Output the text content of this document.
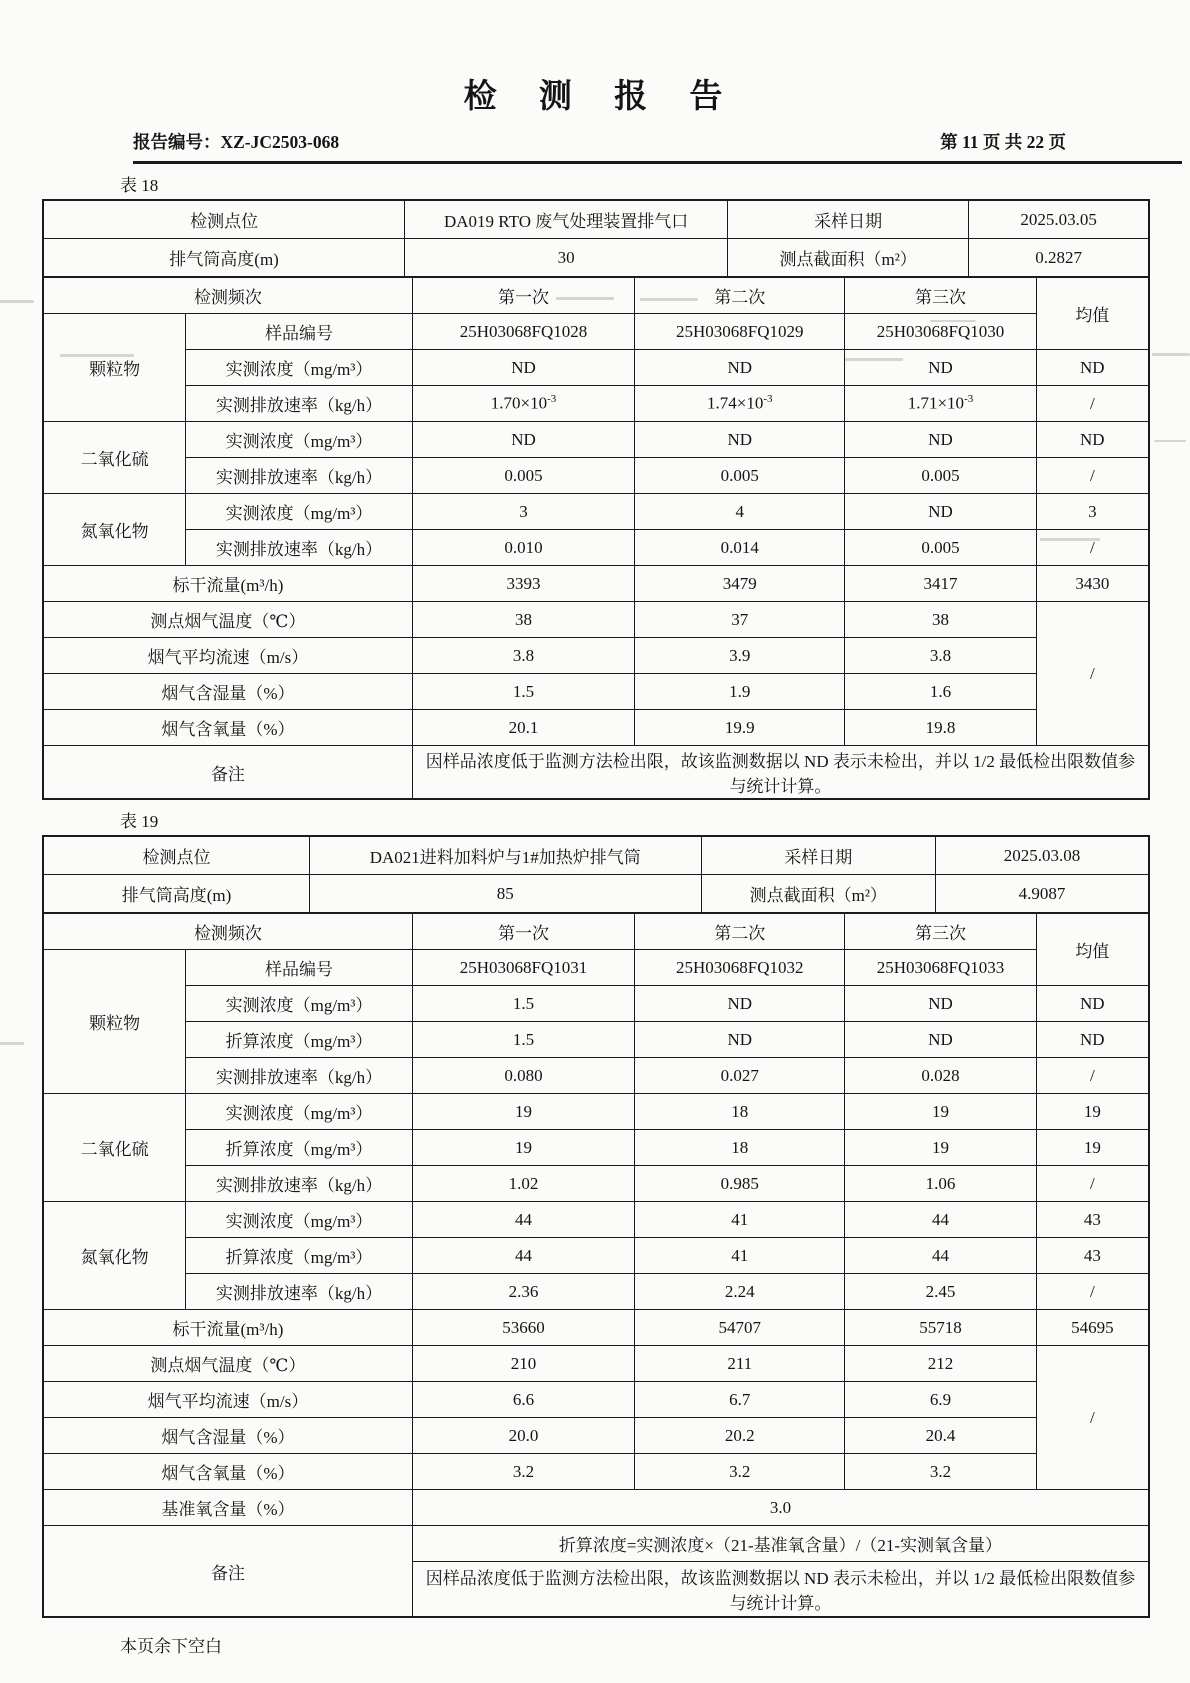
检 测 报 告
报告编号：XZ-JC2503-068	第 11 页 共 22 页
表 18
检测点位	DA019 RTO 废气处理装置排气口	采样日期	2025.03.05
排气筒高度(m)	30	测点截面积（m²）	0.2827
检测频次		第一次	第二次	第三次	均值
颗粒物	样品编号	25H03068FQ1028	25H03068FQ1029	25H03068FQ1030	
	实测浓度（mg/m³）	ND	ND	ND	ND
	实测排放速率（kg/h）	$1.70\times 10^{-3}$	$1.74\times 10^{-3}$	$1.71\times 10^{-3}$	/
二氧化硫	实测浓度（mg/m³）	ND	ND	ND	ND
	实测排放速率（kg/h）	0.005	0.005	0.005	/
氮氧化物	实测浓度（mg/m³）	3	4	ND	3
	实测排放速率（kg/h）	0.010	0.014	0.005	/
标干流量(m³/h)		3393	3479	3417	3430
测点烟气温度（℃）		38	37	38	/
烟气平均流速（m/s）		3.8	3.9	3.8	
烟气含湿量（%）		1.5	1.9	1.6	
烟气含氧量（%）		20.1	19.9	19.8	
备注		因样品浓度低于监测方法检出限，故该监测数据以 ND 表示未检出，并以 1/2 最低检出限数值参与统计计算。			
表 19
检测点位	DA021进料加料炉与1#加热炉排气筒	采样日期	2025.03.08
排气筒高度(m)	85	测点截面积（m²）	4.9087
检测频次		第一次	第二次	第三次	均值
颗粒物	样品编号	25H03068FQ1031	25H03068FQ1032	25H03068FQ1033	
	实测浓度（mg/m³）	1.5	ND	ND	ND
	折算浓度（mg/m³）	1.5	ND	ND	ND
	实测排放速率（kg/h）	0.080	0.027	0.028	/
二氧化硫	实测浓度（mg/m³）	19	18	19	19
	折算浓度（mg/m³）	19	18	19	19
	实测排放速率（kg/h）	1.02	0.985	1.06	/
氮氧化物	实测浓度（mg/m³）	44	41	44	43
	折算浓度（mg/m³）	44	41	44	43
	实测排放速率（kg/h）	2.36	2.24	2.45	/
标干流量(m³/h)		53660	54707	55718	54695
测点烟气温度（℃）		210	211	212	/
烟气平均流速（m/s）		6.6	6.7	6.9	
烟气含湿量（%）		20.0	20.2	20.4	
烟气含氧量（%）		3.2	3.2	3.2	
基准氧含量（%）		3.0			
备注		折算浓度=实测浓度×（21-基准氧含量）/（21-实测氧含量）			
		因样品浓度低于监测方法检出限，故该监测数据以 ND 表示未检出，并以 1/2 最低检出限数值参与统计计算。			
本页余下空白
